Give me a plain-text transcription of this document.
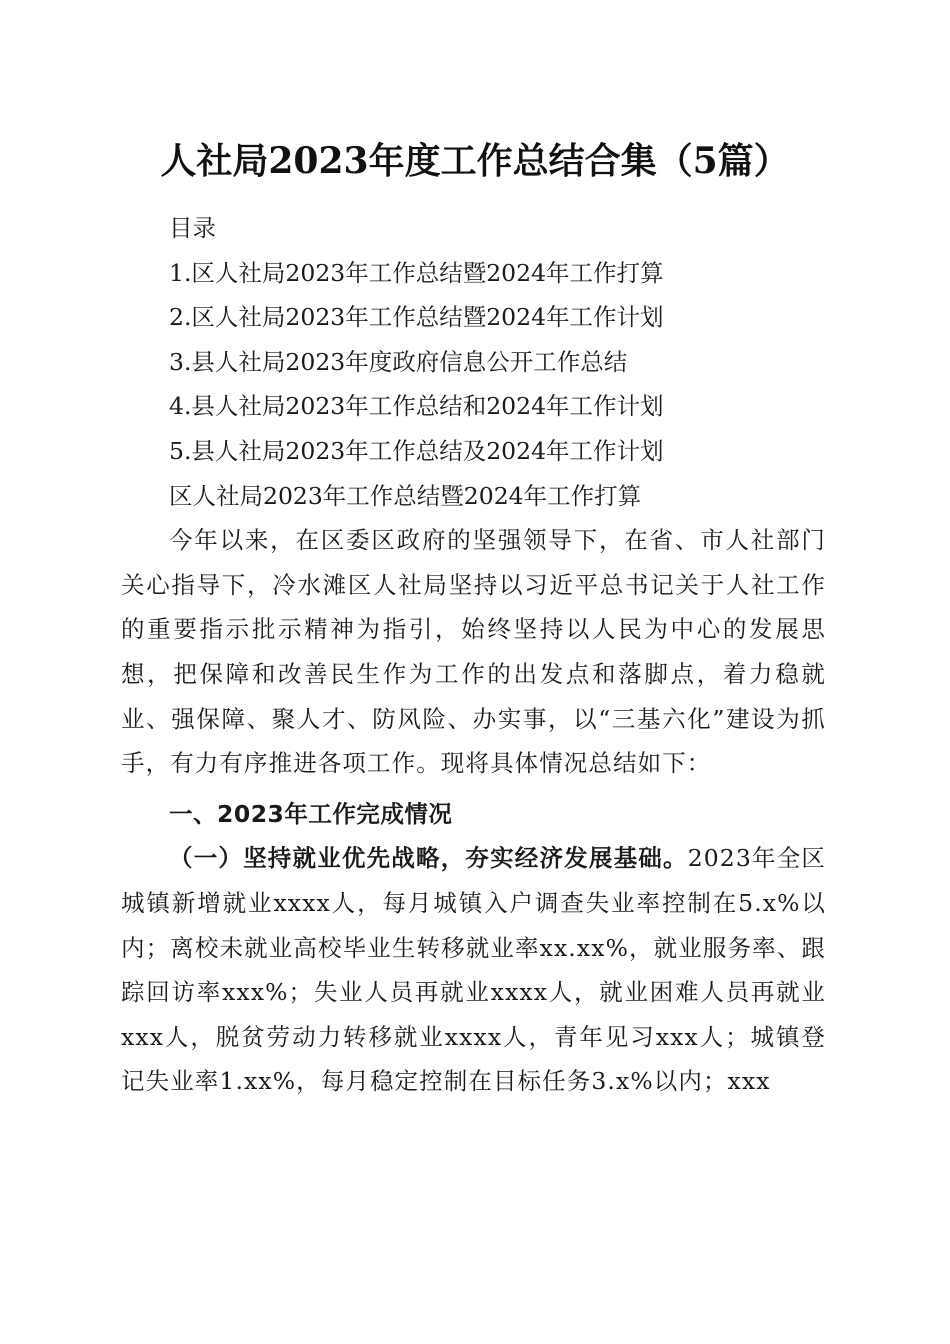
人社局2023年度工作总结合集（5篇）
目录
1.区人社局2023年工作总结暨2024年工作打算
2.区人社局2023年工作总结暨2024年工作计划
3.县人社局2023年度政府信息公开工作总结
4.县人社局2023年工作总结和2024年工作计划
5.县人社局2023年工作总结及2024年工作计划
区人社局2023年工作总结暨2024年工作打算

今年以来，在区委区政府的坚强领导下，在省、市人社部门关心指导下，冷水滩区人社局坚持以习近平总书记关于人社工作的重要指示批示精神为指引，始终坚持以人民为中心的发展思想，把保障和改善民生作为工作的出发点和落脚点，着力稳就业、强保障、聚人才、防风险、办实事，以“三基六化”建设为抓手，有力有序推进各项工作。现将具体情况总结如下：

一、2023年工作完成情况

（一）坚持就业优先战略，夯实经济发展基础。2023年全区城镇新增就业xxxx人，每月城镇入户调查失业率控制在5.x%以内；离校未就业高校毕业生转移就业率xx.xx%，就业服务率、跟踪回访率xxx%；失业人员再就业xxxx人，就业困难人员再就业xxx人，脱贫劳动力转移就业xxxx人，青年见习xxx人；城镇登记失业率1.xx%，每月稳定控制在目标任务3.x%以内；xxx
